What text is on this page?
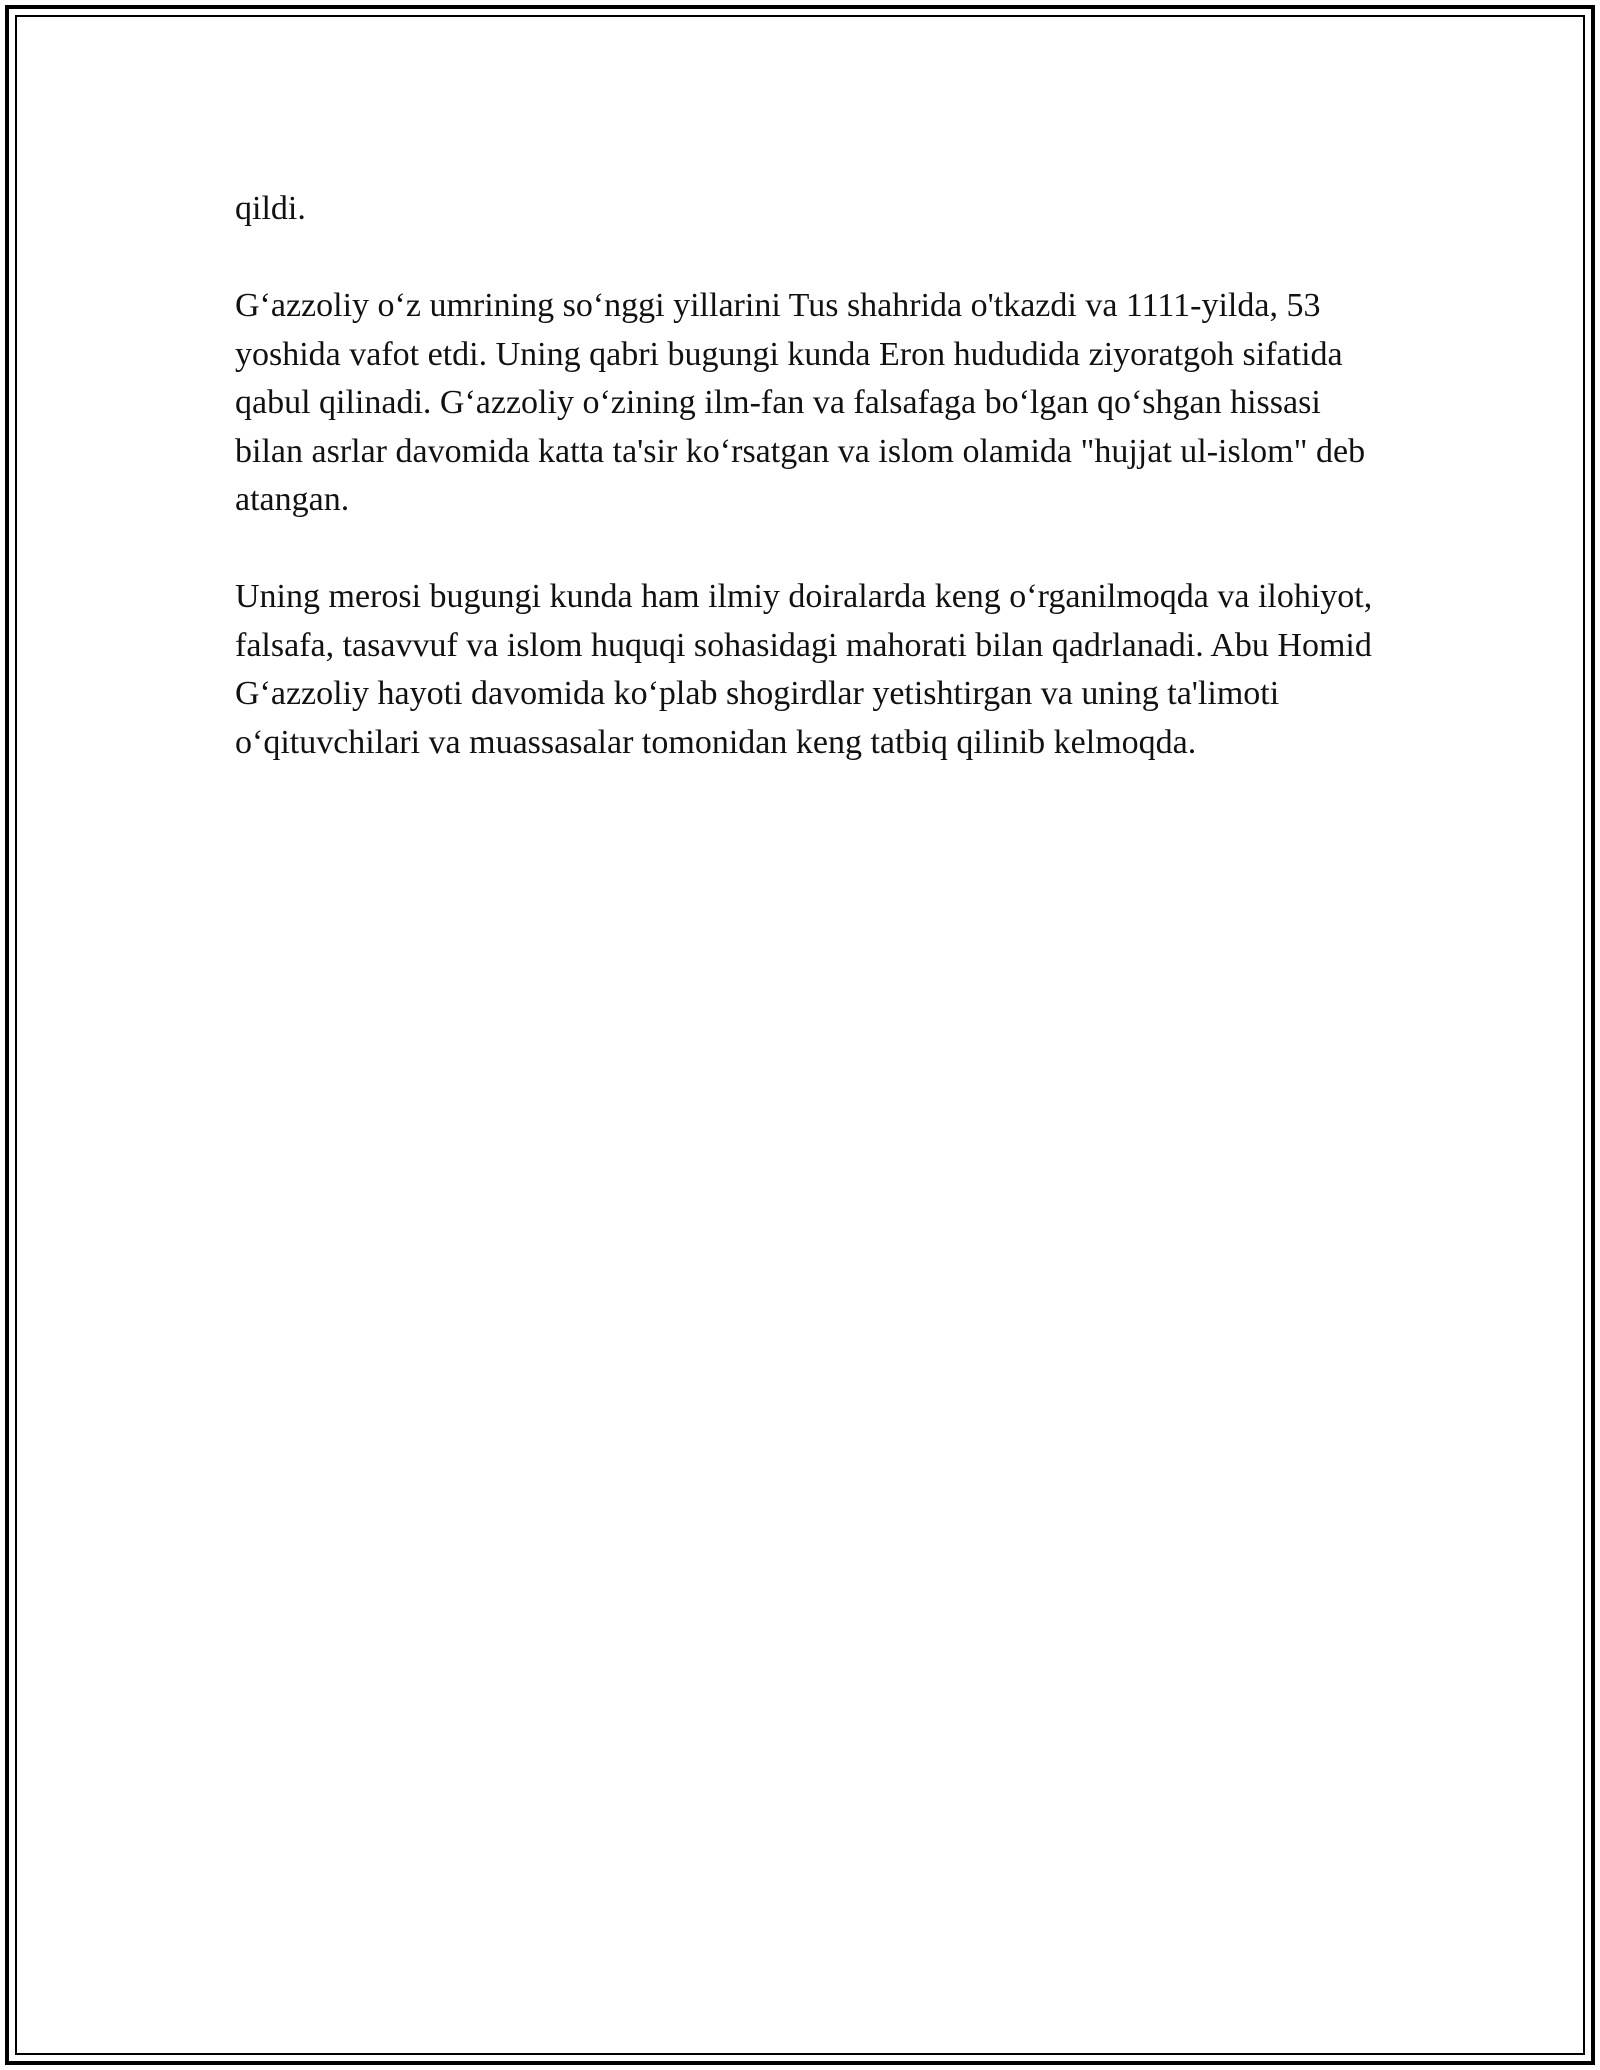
qildi.

G‘azzoliy o‘z umrining so‘nggi yillarini Tus shahrida o'tkazdi va 1111-yilda, 53 yoshida vafot etdi. Uning qabri bugungi kunda Eron hududida ziyoratgoh sifatida qabul qilinadi. G‘azzoliy o‘zining ilm-fan va falsafaga bo‘lgan qo‘shgan hissasi bilan asrlar davomida katta ta'sir ko‘rsatgan va islom olamida "hujjat ul-islom" deb atangan.

Uning merosi bugungi kunda ham ilmiy doiralarda keng o‘rganilmoqda va ilohiyot, falsafa, tasavvuf va islom huquqi sohasidagi mahorati bilan qadrlanadi. Abu Homid G‘azzoliy hayoti davomida ko‘plab shogirdlar yetishtirgan va uning ta'limoti o‘qituvchilari va muassasalar tomonidan keng tatbiq qilinib kelmoqda.
